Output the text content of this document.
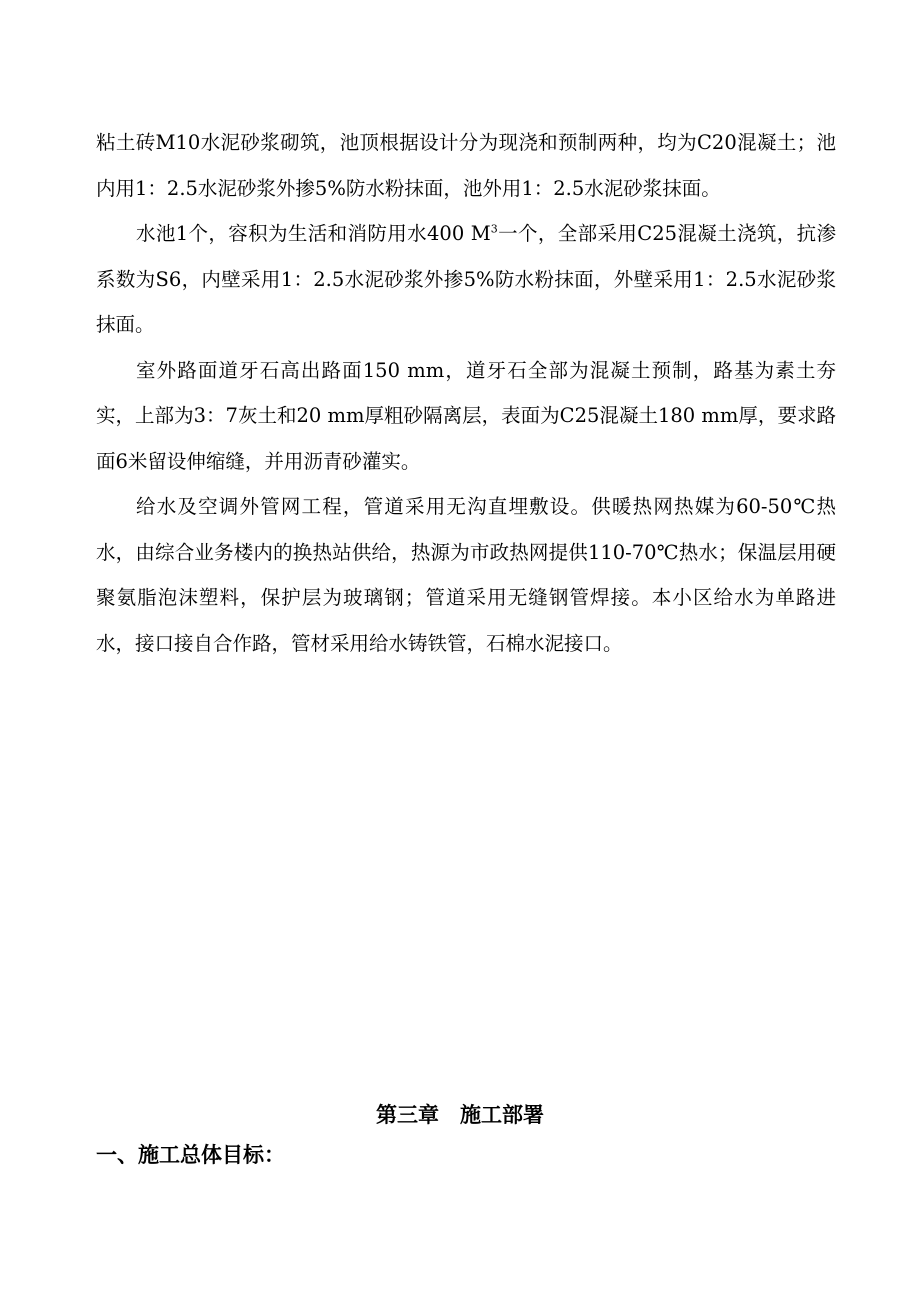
粘土砖M10水泥砂浆砌筑，池顶根据设计分为现浇和预制两种，均为C20混凝土；池内用1：2.5水泥砂浆外掺5%防水粉抹面，池外用1：2.5水泥砂浆抹面。

水池1个，容积为生活和消防用水400 $M^3$一个，全部采用C25混凝土浇筑，抗渗系数为S6，内壁采用1：2.5水泥砂浆外掺5%防水粉抹面，外壁采用1：2.5水泥砂浆抹面。

室外路面道牙石高出路面150 mm，道牙石全部为混凝土预制，路基为素土夯实，上部为3：7灰土和20 mm厚粗砂隔离层，表面为C25混凝土180 mm厚，要求路面6米留设伸缩缝，并用沥青砂灌实。

给水及空调外管网工程，管道采用无沟直埋敷设。供暖热网热媒为60-50℃热水，由综合业务楼内的换热站供给，热源为市政热网提供110-70℃热水；保温层用硬聚氨脂泡沫塑料，保护层为玻璃钢；管道采用无缝钢管焊接。本小区给水为单路进水，接口接自合作路，管材采用给水铸铁管，石棉水泥接口。

第三章　施工部署
一、施工总体目标：
